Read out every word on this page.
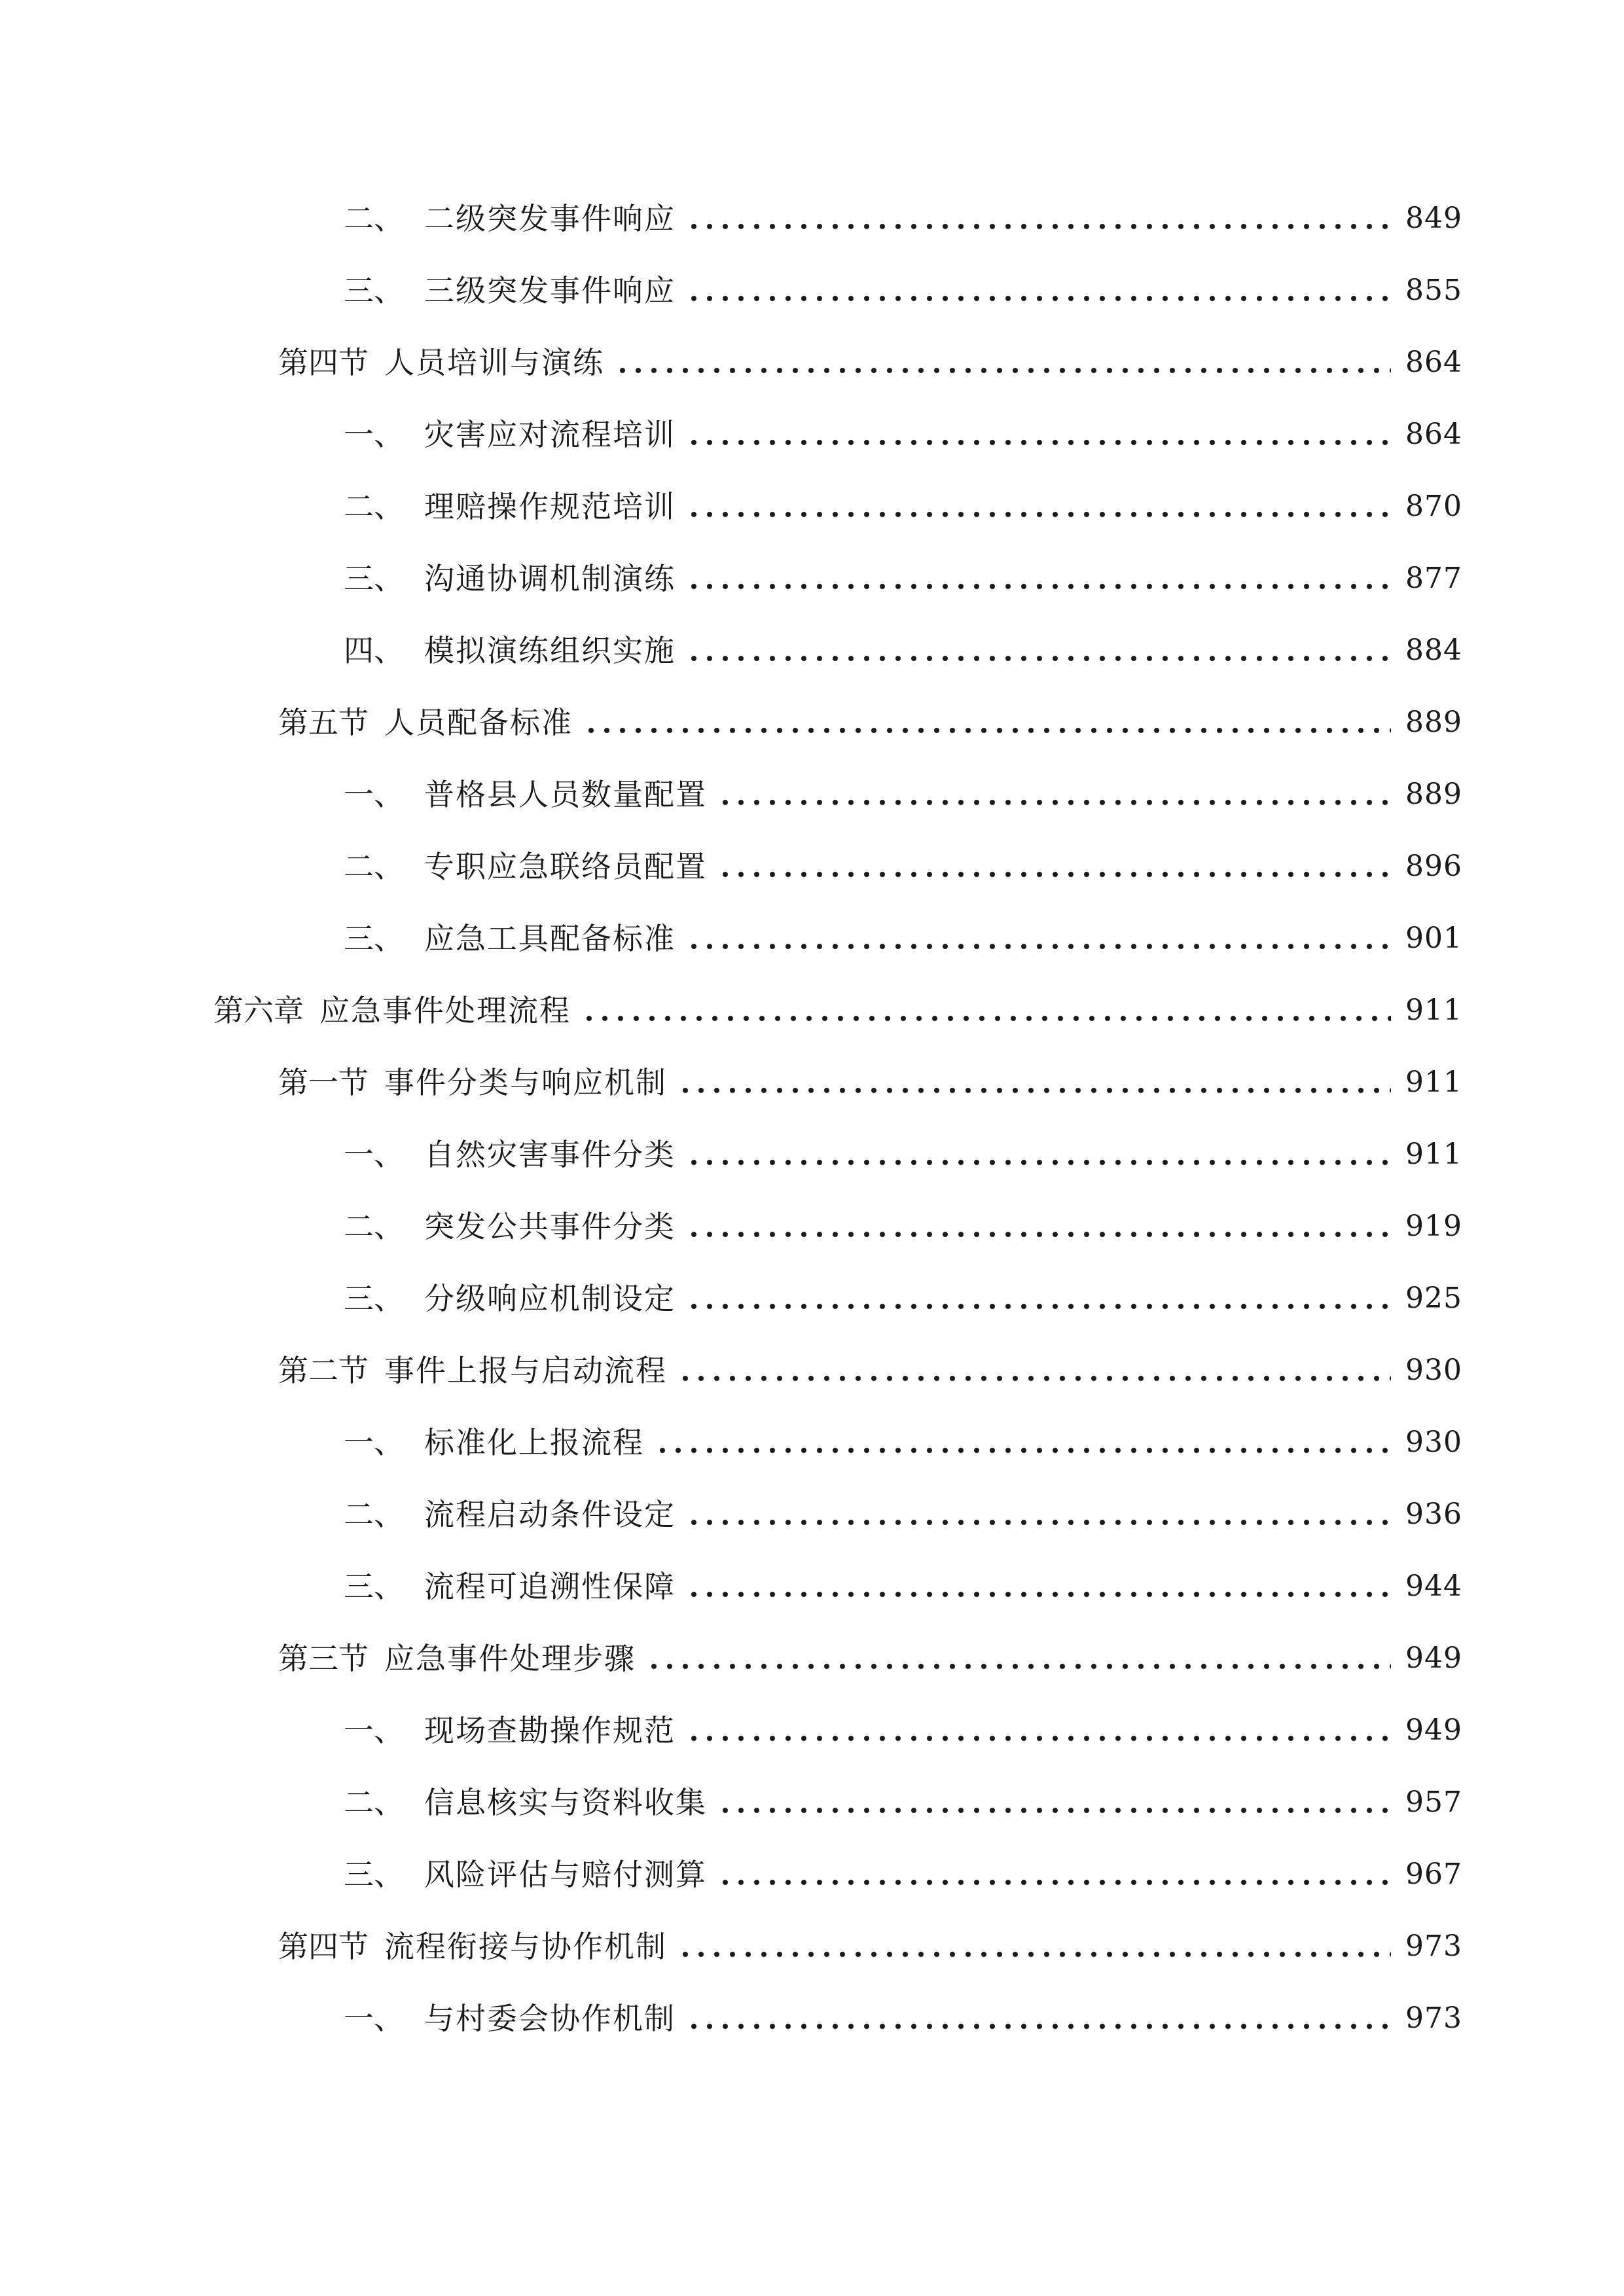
二、 二级突发事件响应	849
三、 三级突发事件响应	855
第四节 人员培训与演练	864
一、 灾害应对流程培训	864
二、 理赔操作规范培训	870
三、 沟通协调机制演练	877
四、 模拟演练组织实施	884
第五节 人员配备标准	889
一、 普格县人员数量配置	889
二、 专职应急联络员配置	896
三、 应急工具配备标准	901
第六章 应急事件处理流程	911
第一节 事件分类与响应机制	911
一、 自然灾害事件分类	911
二、 突发公共事件分类	919
三、 分级响应机制设定	925
第二节 事件上报与启动流程	930
一、 标准化上报流程	930
二、 流程启动条件设定	936
三、 流程可追溯性保障	944
第三节 应急事件处理步骤	949
一、 现场查勘操作规范	949
二、 信息核实与资料收集	957
三、 风险评估与赔付测算	967
第四节 流程衔接与协作机制	973
一、 与村委会协作机制	973
